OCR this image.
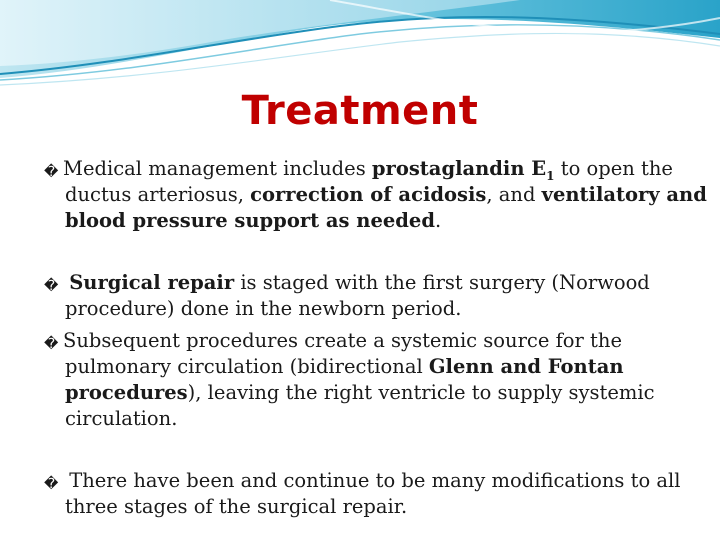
Treatment

� Medical management includes prostaglandin $E_1$ to open the ductus arteriosus, correction of acidosis, and ventilatory and blood pressure support as needed.

� Surgical repair is staged with the first surgery (Norwood procedure) done in the newborn period.

� Subsequent procedures create a systemic source for the pulmonary circulation (bidirectional Glenn and Fontan procedures), leaving the right ventricle to supply systemic circulation.

� There have been and continue to be many modifications to all three stages of the surgical repair.
